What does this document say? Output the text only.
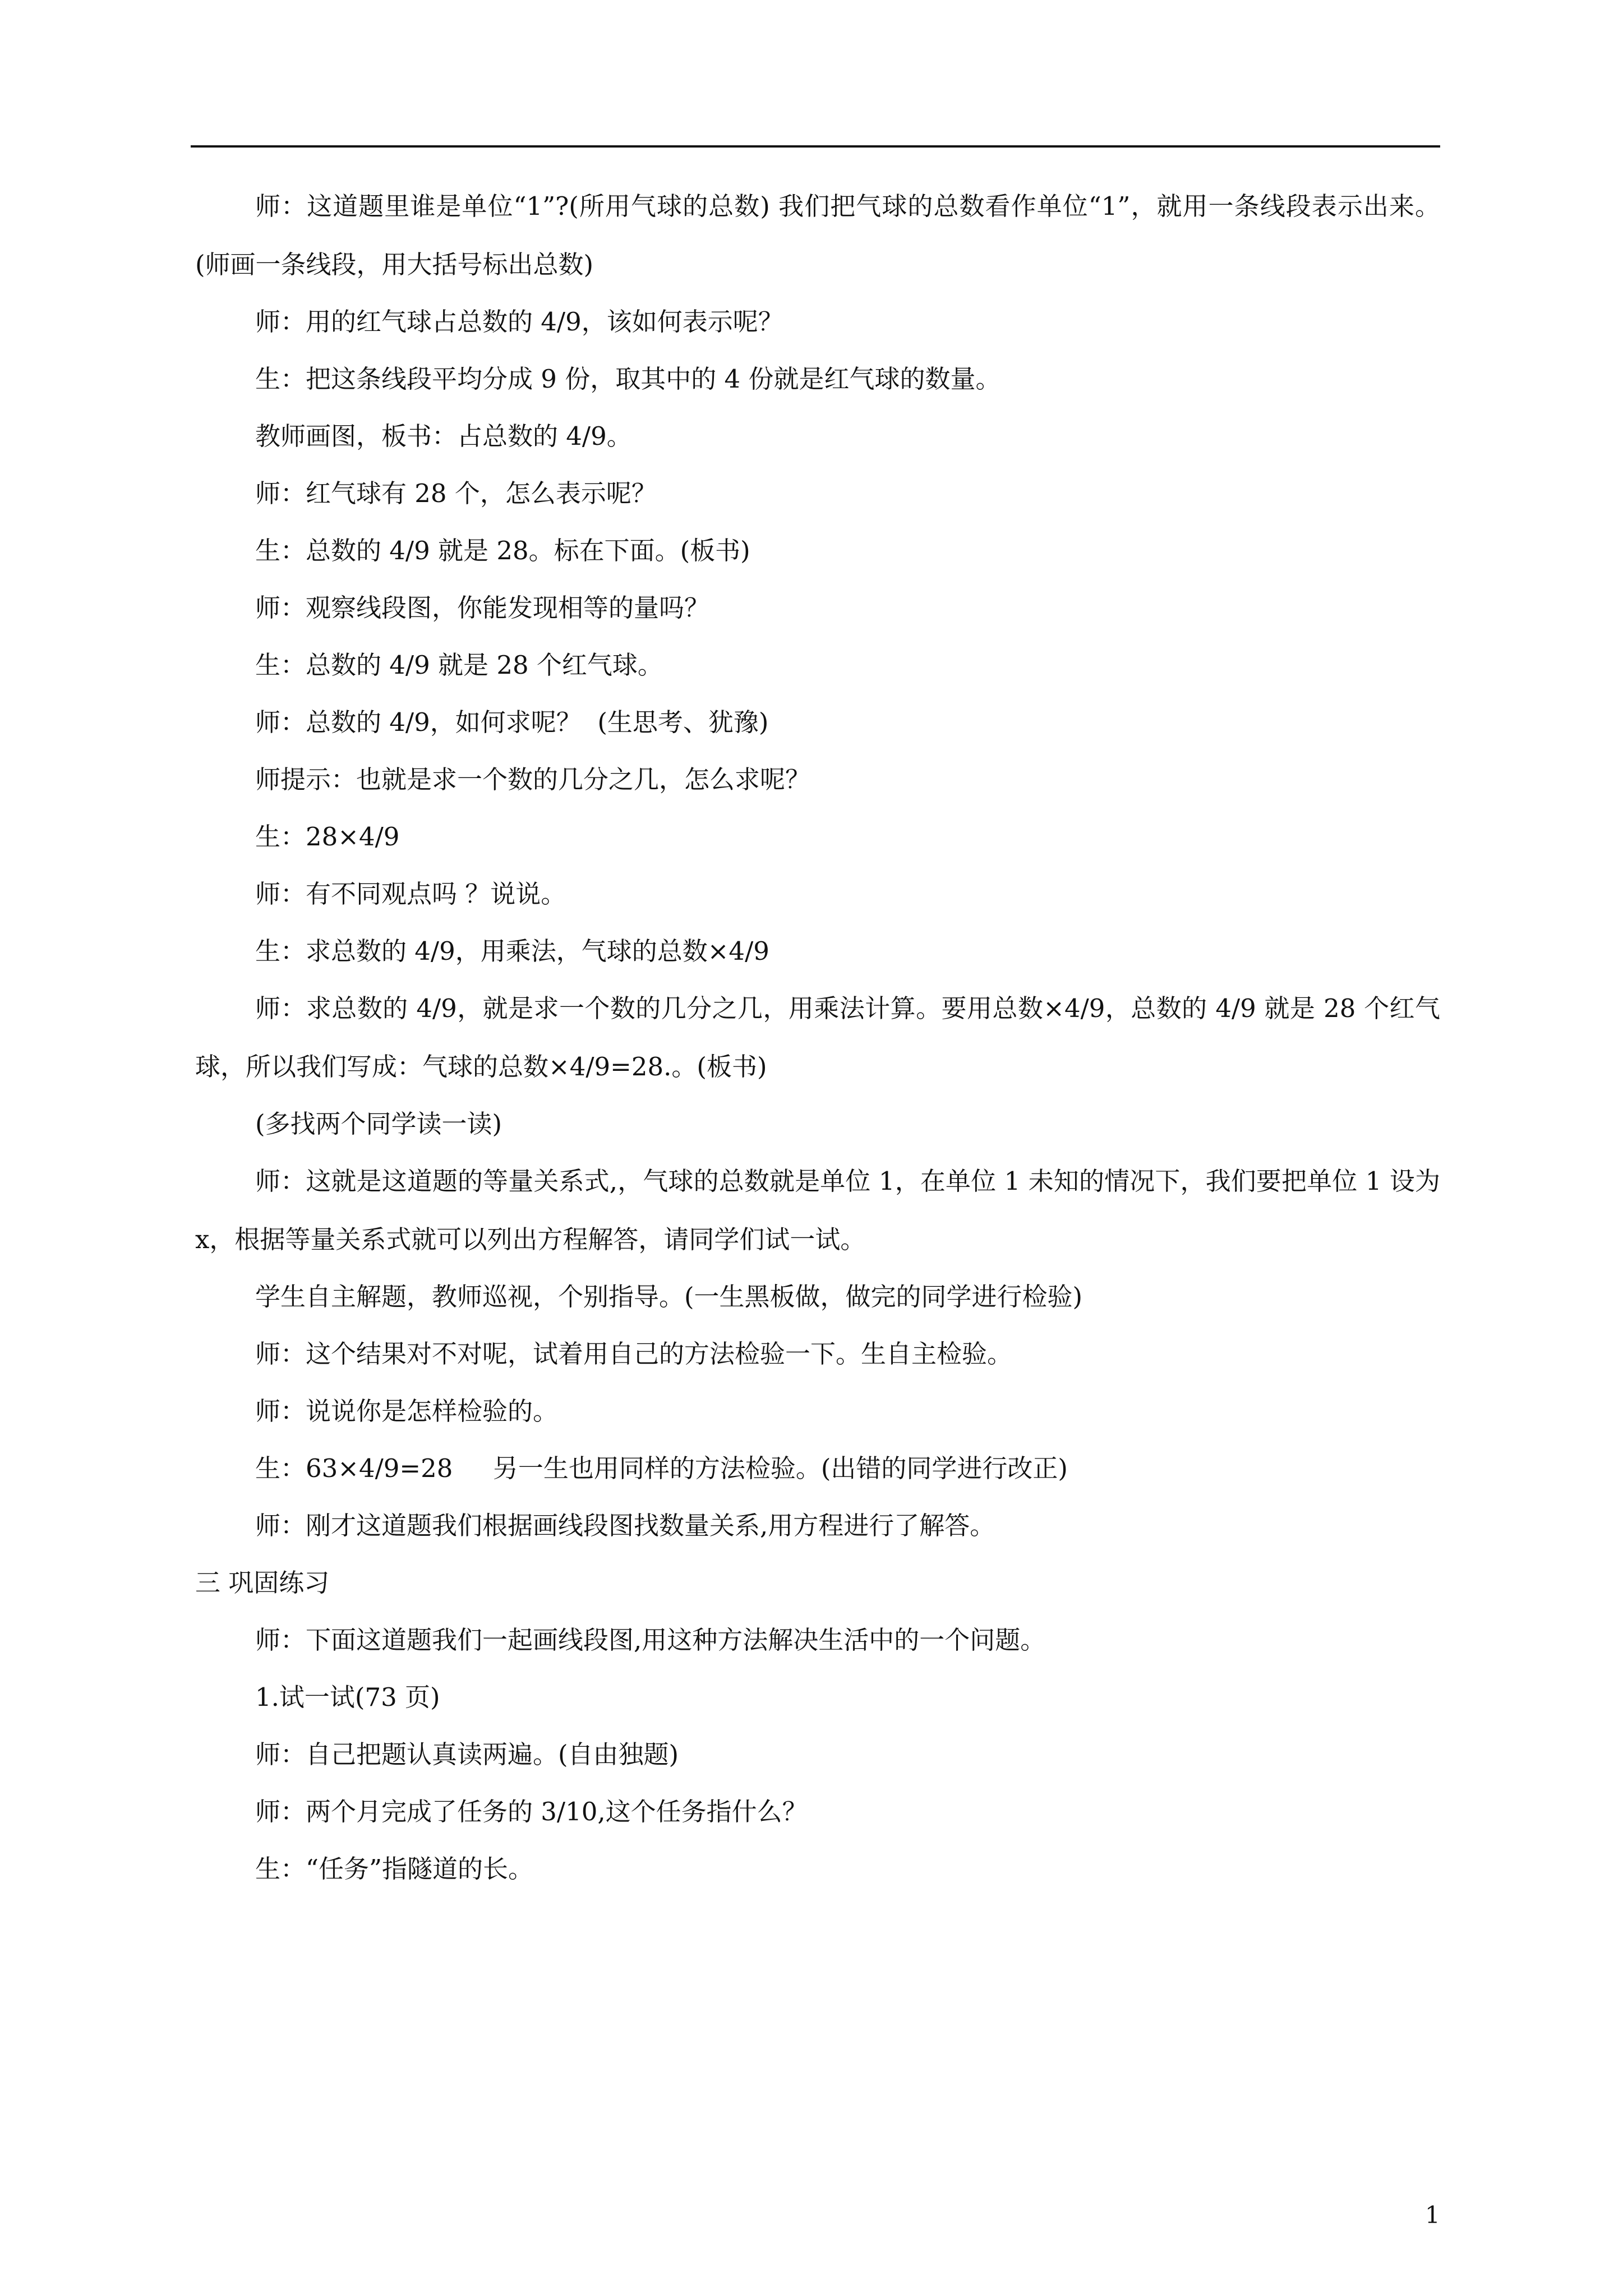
师：这道题里谁是单位“1”?(所用气球的总数) 我们把气球的总数看作单位“1”，就用一条线段表示出来。(师画一条线段，用大括号标出总数)

师：用的红气球占总数的 4/9，该如何表示呢？

生：把这条线段平均分成 9 份，取其中的 4 份就是红气球的数量。

教师画图，板书：占总数的 4/9。

师：红气球有 28 个，怎么表示呢？

生：总数的 4/9 就是 28。标在下面。(板书)

师：观察线段图，你能发现相等的量吗？

生：总数的 4/9 就是 28 个红气球。

师：总数的 4/9，如何求呢？  (生思考、犹豫)

师提示：也就是求一个数的几分之几，怎么求呢？

生：28×4/9

师：有不同观点吗 ？说说。

生：求总数的 4/9，用乘法，气球的总数×4/9

师：求总数的 4/9，就是求一个数的几分之几，用乘法计算。要用总数×4/9，总数的 4/9 就是 28 个红气球，所以我们写成：气球的总数×4/9=28.。(板书)

(多找两个同学读一读)

师：这就是这道题的等量关系式,，气球的总数就是单位 1，在单位 1 未知的情况下，我们要把单位 1 设为 x，根据等量关系式就可以列出方程解答，请同学们试一试。

学生自主解题，教师巡视，个别指导。(一生黑板做，做完的同学进行检验)

师：这个结果对不对呢，试着用自己的方法检验一下。生自主检验。

师：说说你是怎样检验的。

生：63×4/9=28     另一生也用同样的方法检验。(出错的同学进行改正)

师：刚才这道题我们根据画线段图找数量关系,用方程进行了解答。

三 巩固练习

师：下面这道题我们一起画线段图,用这种方法解决生活中的一个问题。

1.试一试(73 页)

师：自己把题认真读两遍。(自由独题)

师：两个月完成了任务的 3/10,这个任务指什么？

生：“任务”指隧道的长。

1
